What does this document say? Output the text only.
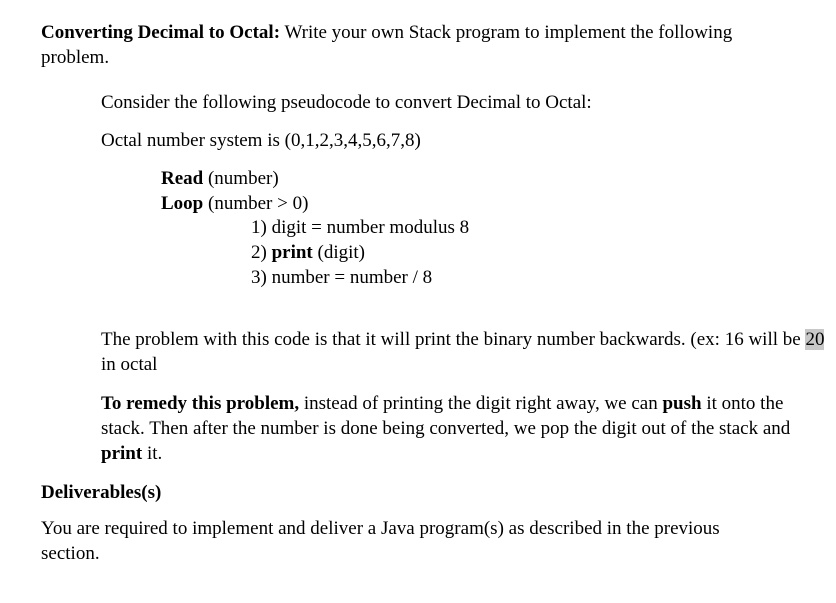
Converting Decimal to Octal: Write your own Stack program to implement the following problem.

Consider the following pseudocode to convert Decimal to Octal:

Octal number system is (0,1,2,3,4,5,6,7,8)

Read (number)
Loop (number > 0)
1) digit = number modulus 8
2) print (digit)
3) number = number / 8

The problem with this code is that it will print the binary number backwards. (ex: 16 will be 20 in octal

To remedy this problem, instead of printing the digit right away, we can push it onto the stack. Then after the number is done being converted, we pop the digit out of the stack and print it.

Deliverables(s)

You are required to implement and deliver a Java program(s) as described in the previous section.
